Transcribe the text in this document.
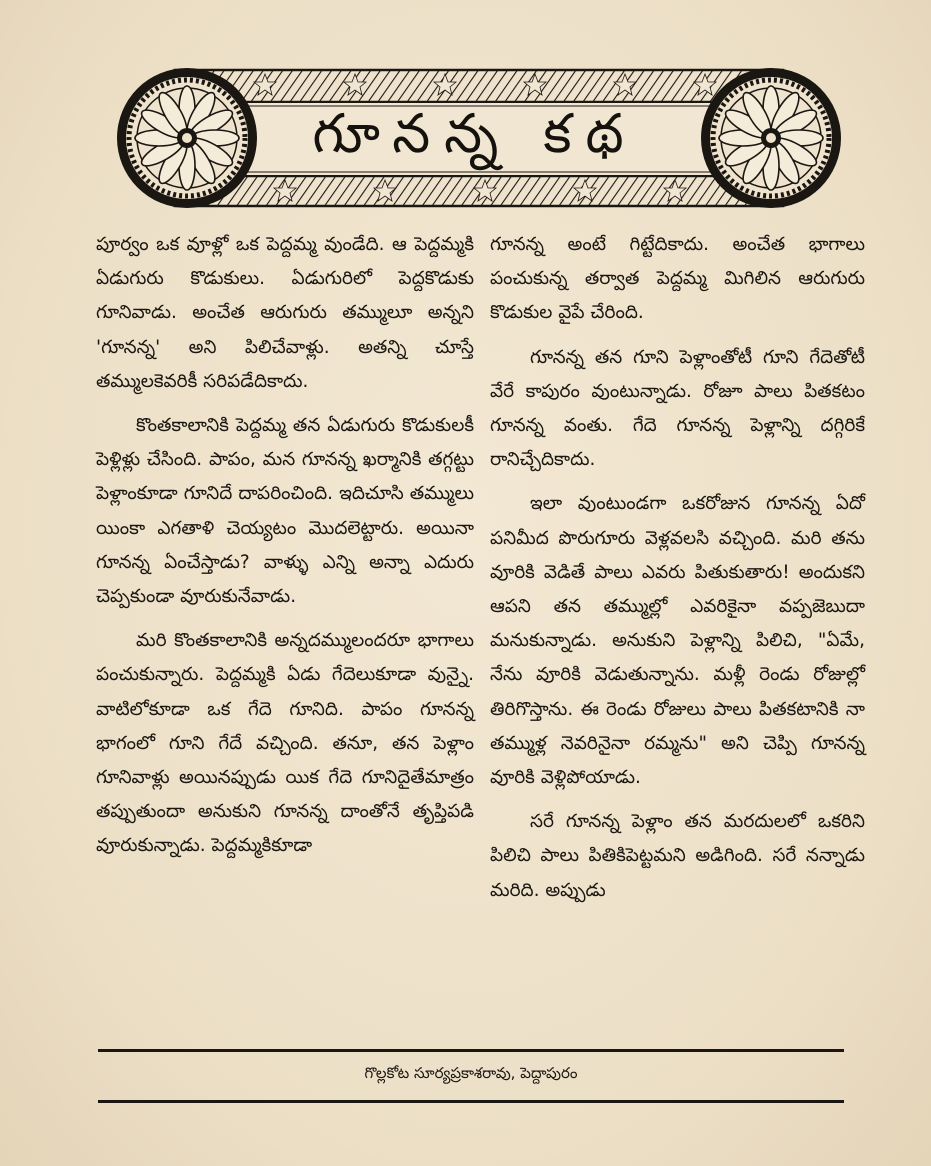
గూనన్న కథ

పూర్వం ఒక వూళ్లో ఒక పెద్దమ్మ వుండేది. ఆ పెద్దమ్మకి ఏడుగురు కొడుకులు. ఏడుగురిలో పెద్దకొడుకు గూనివాడు. అంచేత ఆరుగురు తమ్ములూ అన్నని 'గూనన్న' అని పిలిచేవాళ్లు. అతన్ని చూస్తే తమ్ములకెవరికీ సరిపడేదికాదు.

కొంతకాలానికి పెద్దమ్మ తన ఏడుగురు కొడుకులకీ పెళ్లిళ్లు చేసింది. పాపం, మన గూనన్న ఖర్మానికి తగ్గట్టు పెళ్లాంకూడా గూనిదే దాపరించింది. ఇదిచూసి తమ్ములు యింకా ఎగతాళి చెయ్యటం మొదలెట్టారు. అయినా గూనన్న ఏంచేస్తాడు? వాళ్ళు ఎన్ని అన్నా ఎదురు చెప్పకుండా వూరుకునేవాడు.

మరి కొంతకాలానికి అన్నదమ్ములందరూ భాగాలు పంచుకున్నారు. పెద్దమ్మకి ఏడు గేదెలుకూడా వున్నై. వాటిలోకూడా ఒక గేదె గూనిది. పాపం గూనన్న భాగంలో గూని గేదే వచ్చింది. తనూ, తన పెళ్లాం గూనివాళ్లు అయినప్పుడు యిక గేదె గూనిదైతేమాత్రం తప్పుతుందా అనుకుని గూనన్న దాంతోనే తృప్తిపడి వూరుకున్నాడు. పెద్దమ్మకికూడా

గూనన్న అంటే గిట్టేదికాదు. అంచేత భాగాలు పంచుకున్న తర్వాత పెద్దమ్మ మిగిలిన ఆరుగురు కొడుకుల వైపే చేరింది.

గూనన్న తన గూని పెళ్లాంతోటీ గూని గేదెతోటీ వేరే కాపురం వుంటున్నాడు. రోజూ పాలు పితకటం గూనన్న వంతు. గేదె గూనన్న పెళ్లాన్ని దగ్గిరికే రానిచ్చేదికాదు.

ఇలా వుంటుండగా ఒకరోజున గూనన్న ఏదో పనిమీద పొరుగూరు వెళ్లవలసి వచ్చింది. మరి తను వూరికి వెడితే పాలు ఎవరు పితుకుతారు! అందుకని ఆపని తన తమ్ముల్లో ఎవరికైనా వప్పజెబుదా మనుకున్నాడు. అనుకుని పెళ్లాన్ని పిలిచి, "ఏమే, నేను వూరికి వెడుతున్నాను. మళ్లీ రెండు రోజుల్లో తిరిగొస్తాను. ఈ రెండు రోజులు పాలు పితకటానికి నా తమ్ముళ్ల నెవరినైనా రమ్మను" అని చెప్పి గూనన్న వూరికి వెళ్లిపోయాడు.

సరే గూనన్న పెళ్లాం తన మరదులలో ఒకరిని పిలిచి పాలు పితికిపెట్టమని అడిగింది. సరే నన్నాడు మరిది. అప్పుడు

గొల్లకోట సూర్యప్రకాశరావు, పెద్దాపురం
